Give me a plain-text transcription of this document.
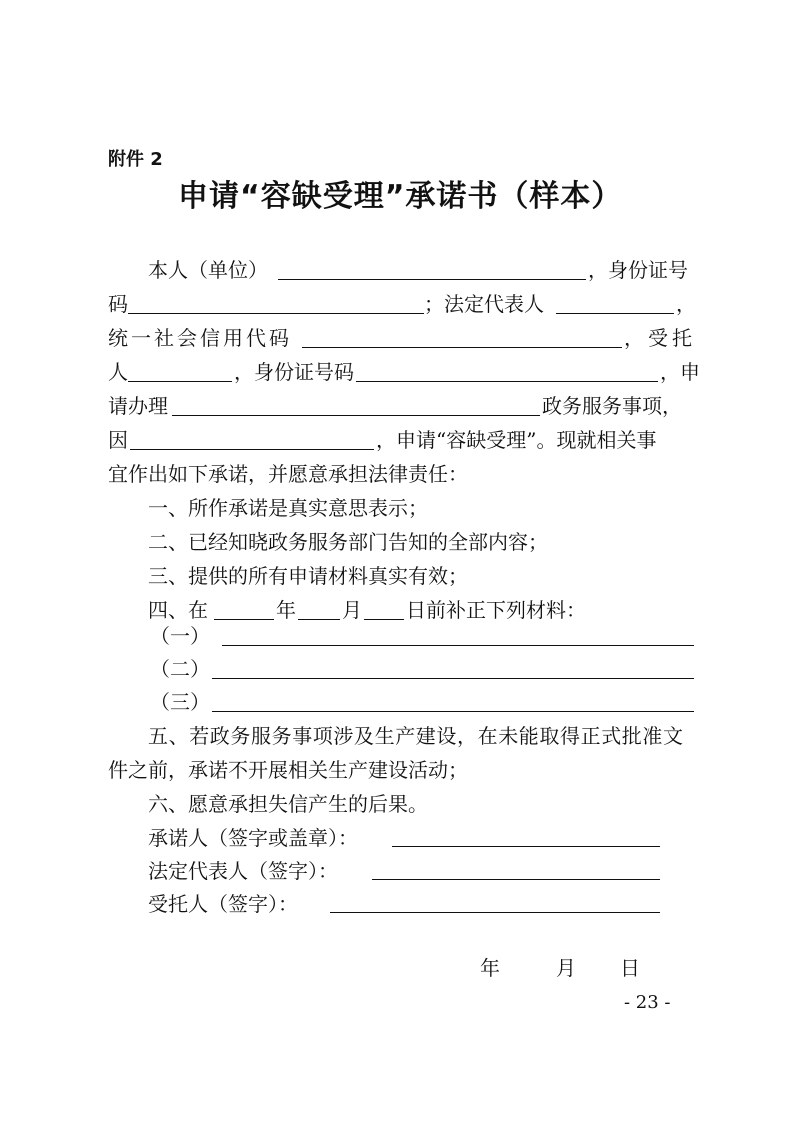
附件 2
申请“容缺受理”承诺书（样本）
本人（单位）	，身份证号
码	；法定代表人	，
统一社会信用代码	，受托
人	，身份证号码	，申
请办理	政务服务事项，
因	，申请“容缺受理”。现就相关事
宜作出如下承诺，并愿意承担法律责任：
一、所作承诺是真实意思表示；
二、已经知晓政务服务部门告知的全部内容；
三、提供的所有申请材料真实有效；
四、在	年 月 日前补正下列材料：
（一）
（二）
（三）
五、若政务服务事项涉及生产建设，在未能取得正式批准文
件之前，承诺不开展相关生产建设活动；
六、愿意承担失信产生的后果。
承诺人（签字或盖章）：
法定代表人（签字）：
受托人（签字）：
年	月 日
- 23 -
